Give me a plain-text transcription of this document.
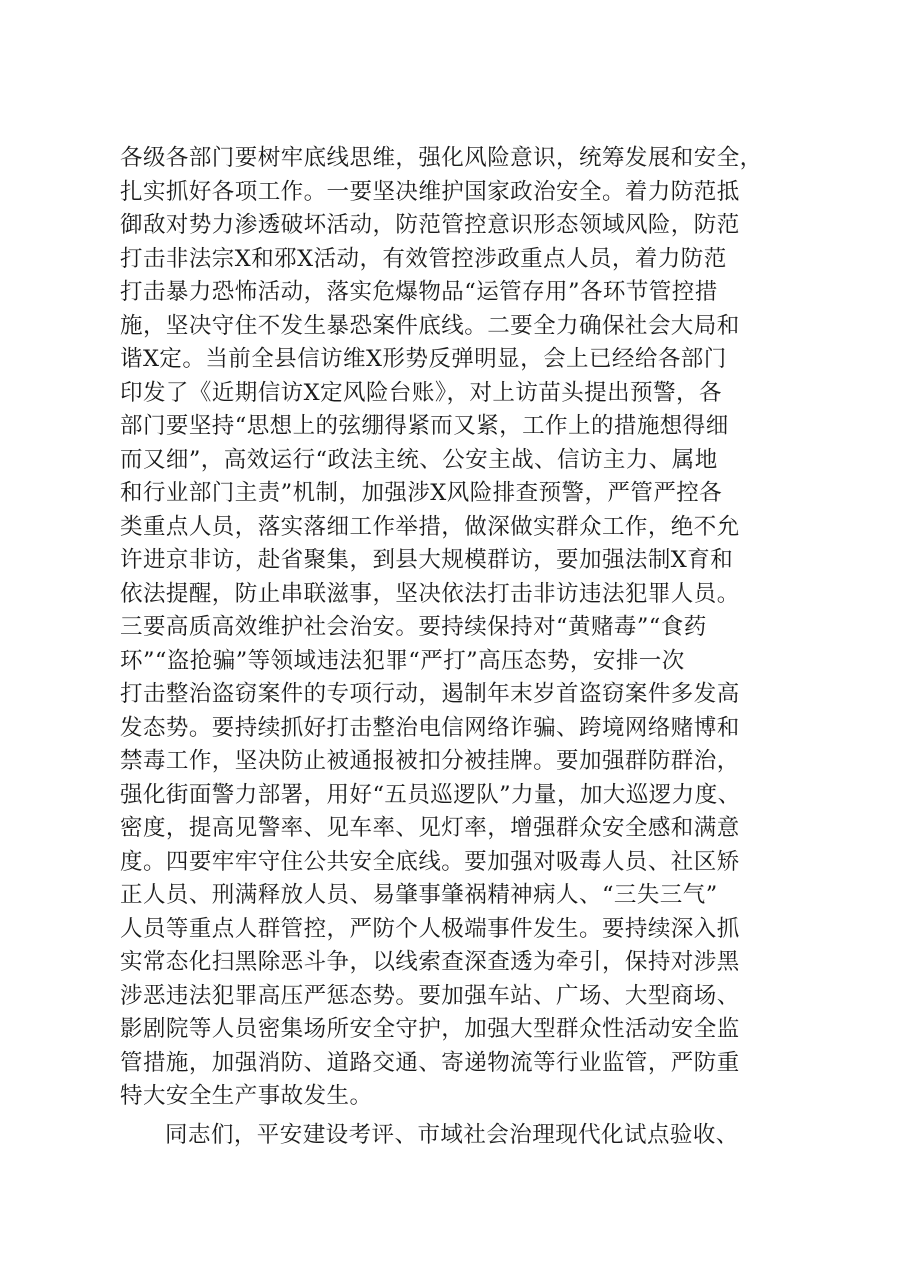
各级各部门要树牢底线思维，强化风险意识，统筹发展和安全，
扎实抓好各项工作。一要坚决维护国家政治安全。着力防范抵
御敌对势力渗透破坏活动，防范管控意识形态领域风险，防范
打击非法宗X和邪X活动，有效管控涉政重点人员，着力防范
打击暴力恐怖活动，落实危爆物品“运管存用”各环节管控措
施，坚决守住不发生暴恐案件底线。二要全力确保社会大局和
谐X定。当前全县信访维X形势反弹明显，会上已经给各部门
印发了《近期信访X定风险台账》，对上访苗头提出预警，各
部门要坚持“思想上的弦绷得紧而又紧，工作上的措施想得细
而又细”，高效运行“政法主统、公安主战、信访主力、属地
和行业部门主责”机制，加强涉X风险排查预警，严管严控各
类重点人员，落实落细工作举措，做深做实群众工作，绝不允
许进京非访，赴省聚集，到县大规模群访，要加强法制X育和
依法提醒，防止串联滋事，坚决依法打击非访违法犯罪人员。
三要高质高效维护社会治安。要持续保持对“黄赌毒”“食药
环”“盗抢骗”等领域违法犯罪“严打”高压态势，安排一次
打击整治盗窃案件的专项行动，遏制年末岁首盗窃案件多发高
发态势。要持续抓好打击整治电信网络诈骗、跨境网络赌博和
禁毒工作，坚决防止被通报被扣分被挂牌。要加强群防群治，
强化街面警力部署，用好“五员巡逻队”力量，加大巡逻力度、
密度，提高见警率、见车率、见灯率，增强群众安全感和满意
度。四要牢牢守住公共安全底线。要加强对吸毒人员、社区矫
正人员、刑满释放人员、易肇事肇祸精神病人、“三失三气”
人员等重点人群管控，严防个人极端事件发生。要持续深入抓
实常态化扫黑除恶斗争，以线索查深查透为牵引，保持对涉黑
涉恶违法犯罪高压严惩态势。要加强车站、广场、大型商场、
影剧院等人员密集场所安全守护，加强大型群众性活动安全监
管措施，加强消防、道路交通、寄递物流等行业监管，严防重
特大安全生产事故发生。
同志们，平安建设考评、市域社会治理现代化试点验收、
